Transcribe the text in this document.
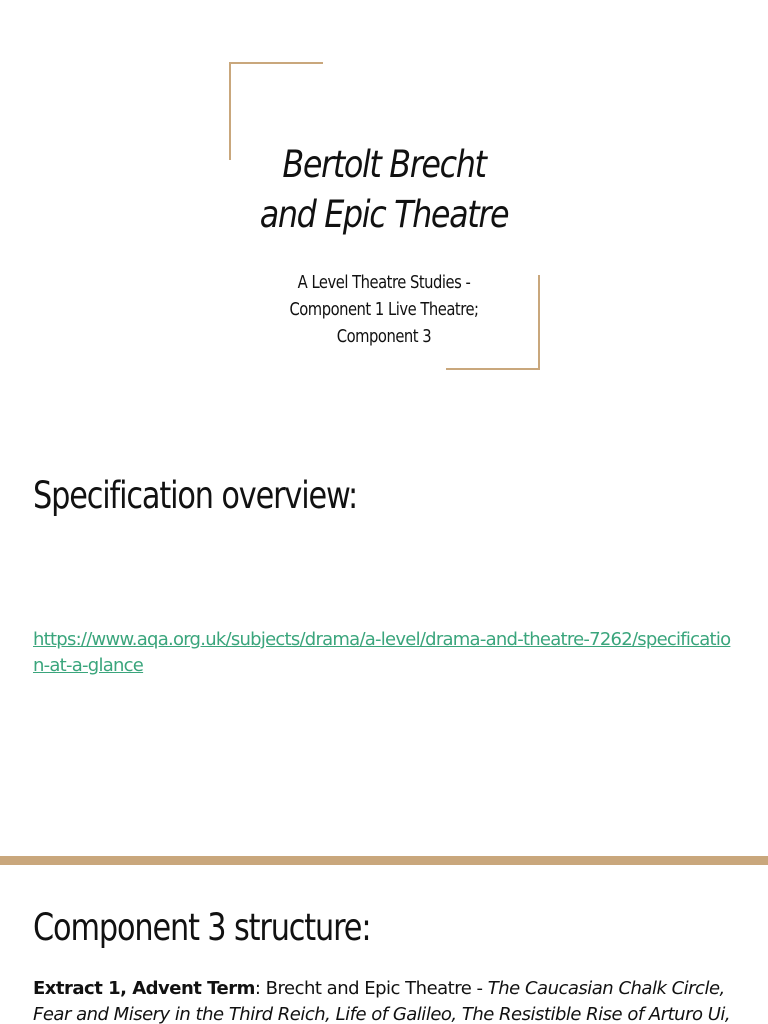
Bertolt Brecht
and Epic Theatre
A Level Theatre Studies -
Component 1 Live Theatre;
Component 3
Specification overview:
https://www.aqa.org.uk/subjects/drama/a-level/drama-and-theatre-7262/specification-at-a-glance
Component 3 structure:
Extract 1, Advent Term: Brecht and Epic Theatre - The Caucasian Chalk Circle, Fear and Misery in the Third Reich, Life of Galileo, The Resistible Rise of Arturo Ui,
